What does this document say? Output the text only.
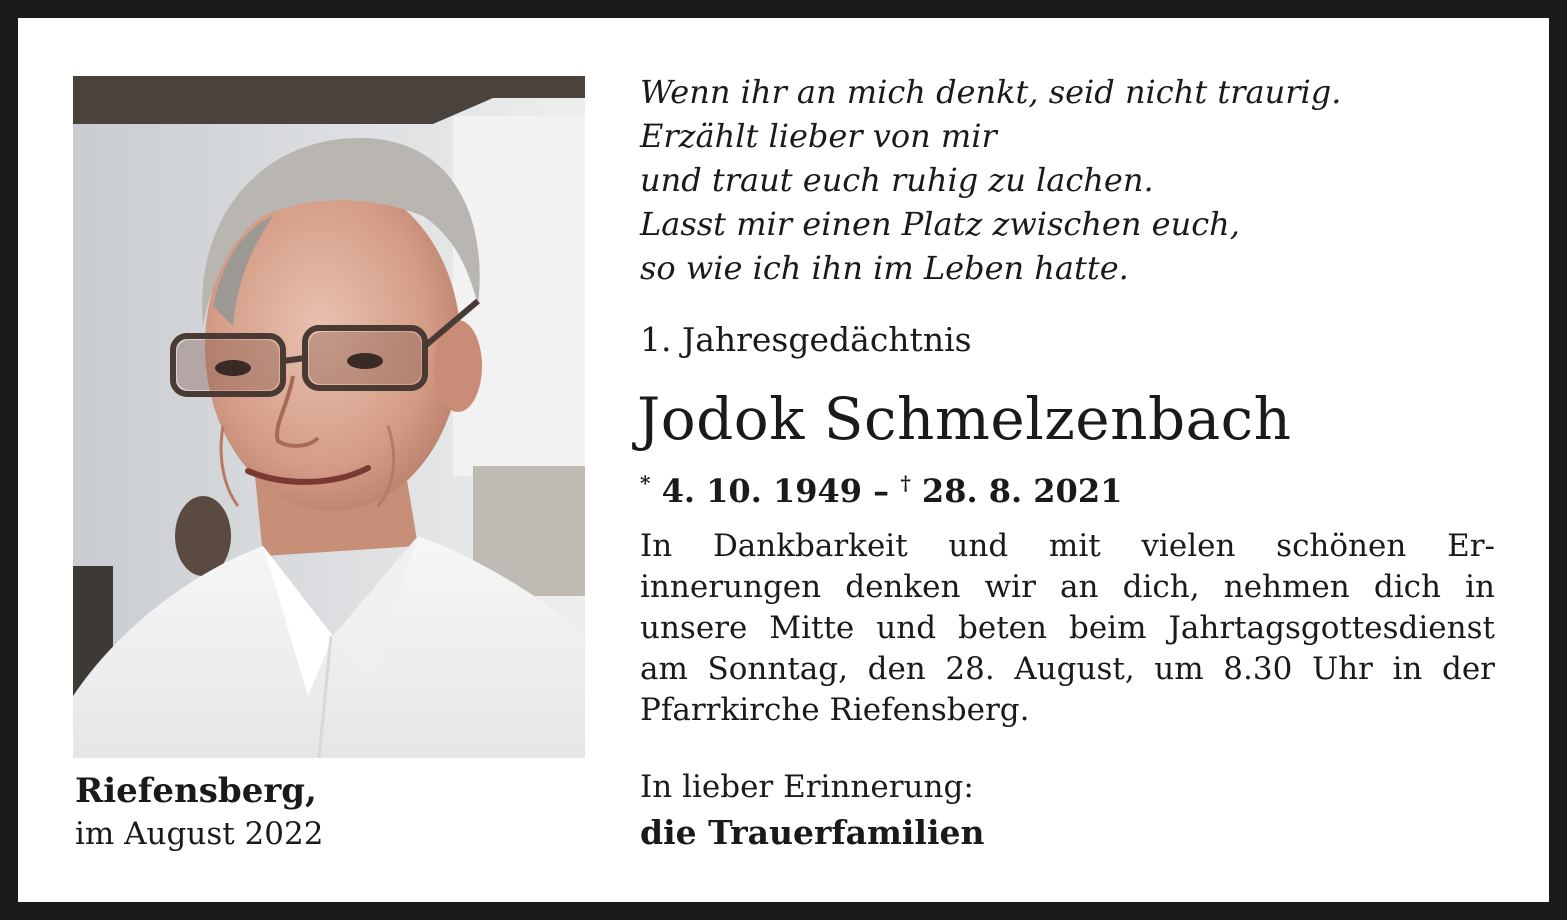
Riefensberg,

im August 2022

Wenn ihr an mich denkt, seid nicht traurig.
Erzählt lieber von mir
und traut euch ruhig zu lachen.
Lasst mir einen Platz zwischen euch,
so wie ich ihn im Leben hatte.

1. Jahresgedächtnis

Jodok Schmelzenbach
* 4. 10. 1949 – † 28. 8. 2021

In Dankbarkeit und mit vielen schönen Er-
innerungen denken wir an dich, nehmen dich in
unsere Mitte und beten beim Jahrtagsgottesdienst
am Sonntag, den 28. August, um 8.30 Uhr in der
Pfarrkirche Riefensberg.

In lieber Erinnerung:

die Trauerfamilien
